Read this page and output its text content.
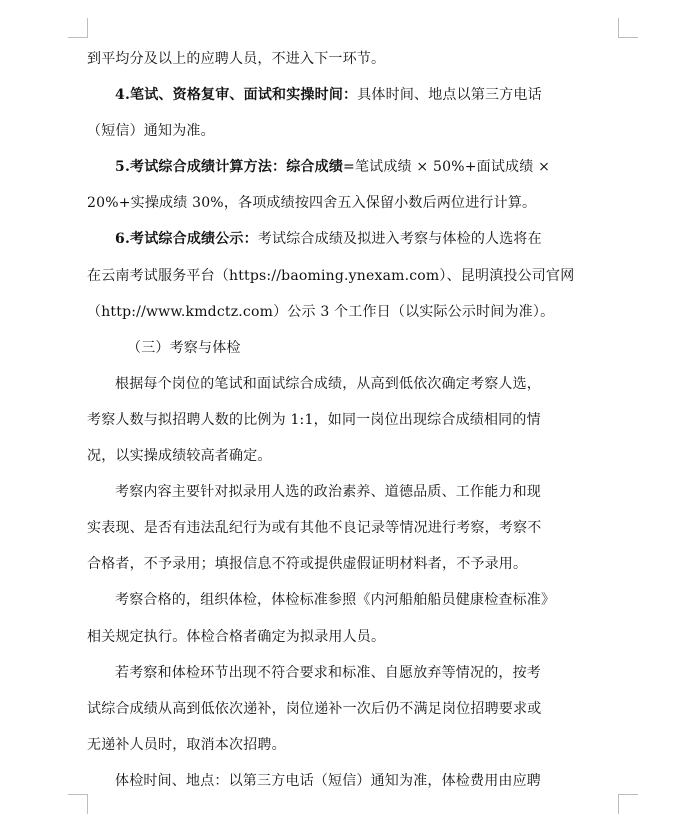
到平均分及以上的应聘人员，不进入下一环节。
4.笔试、资格复审、面试和实操时间：具体时间、地点以第三方电话
（短信）通知为准。
5.考试综合成绩计算方法：综合成绩=笔试成绩 × 50%+面试成绩 ×
20%+实操成绩 30%，各项成绩按四舍五入保留小数后两位进行计算。
6.考试综合成绩公示：考试综合成绩及拟进入考察与体检的人选将在
在云南考试服务平台（https://baoming.ynexam.com）、昆明滇投公司官网
（http://www.kmdctz.com）公示 3 个工作日（以实际公示时间为准）。
（三）考察与体检
根据每个岗位的笔试和面试综合成绩，从高到低依次确定考察人选，
考察人数与拟招聘人数的比例为 1:1，如同一岗位出现综合成绩相同的情
况，以实操成绩较高者确定。
考察内容主要针对拟录用人选的政治素养、道德品质、工作能力和现
实表现、是否有违法乱纪行为或有其他不良记录等情况进行考察，考察不
合格者，不予录用；填报信息不符或提供虚假证明材料者，不予录用。
考察合格的，组织体检，体检标准参照《内河船舶船员健康检查标准》
相关规定执行。体检合格者确定为拟录用人员。
若考察和体检环节出现不符合要求和标准、自愿放弃等情况的，按考
试综合成绩从高到低依次递补，岗位递补一次后仍不满足岗位招聘要求或
无递补人员时，取消本次招聘。
体检时间、地点：以第三方电话（短信）通知为准，体检费用由应聘
